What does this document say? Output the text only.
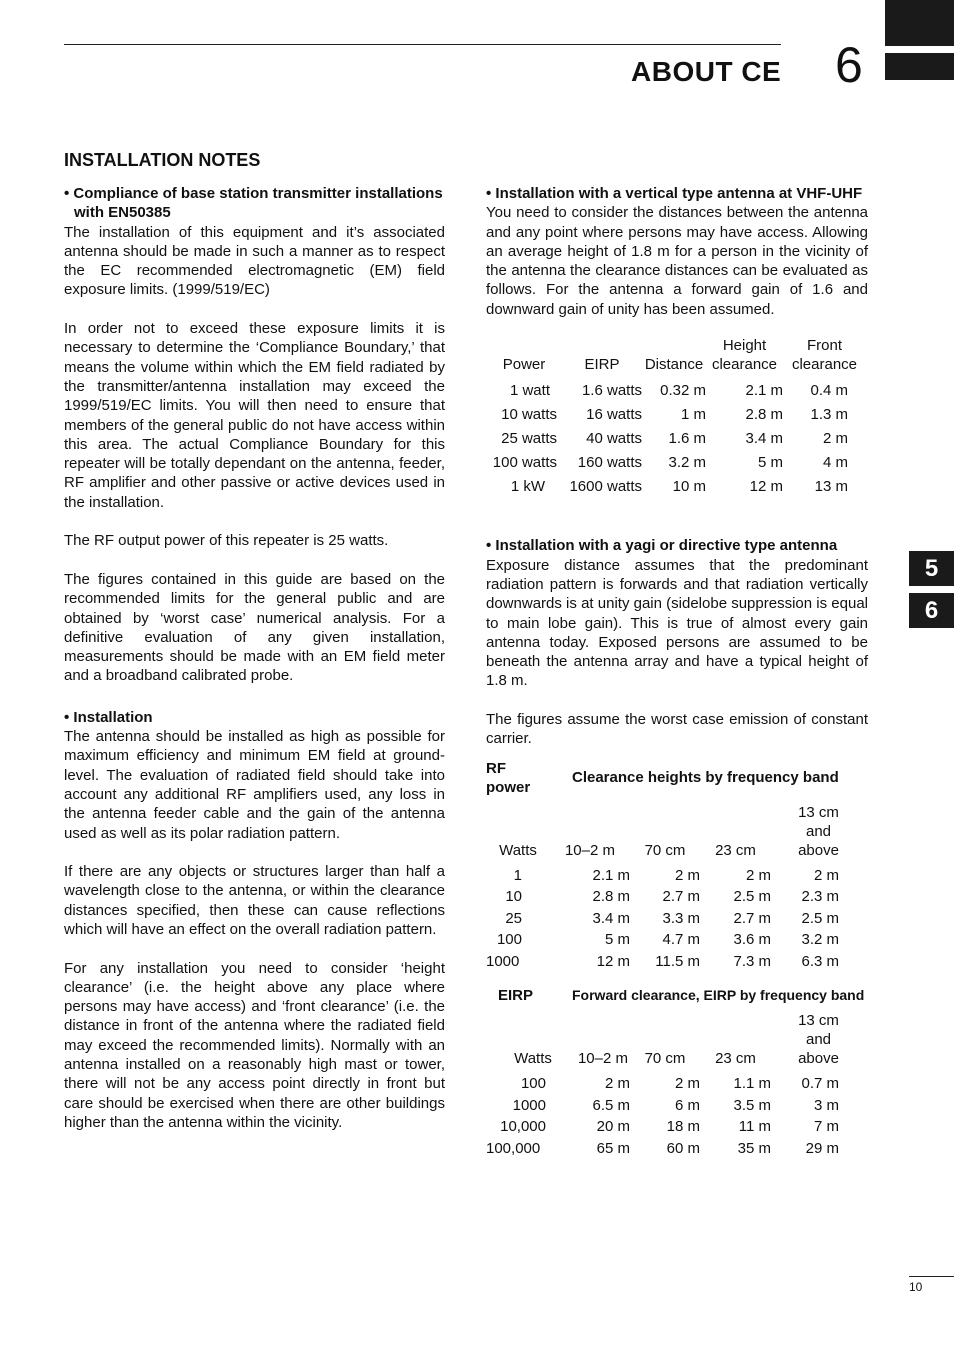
ABOUT CE 6
5
6
10
INSTALLATION NOTES
• Compliance of base station transmitter installations with EN50385

The installation of this equipment and it’s associated antenna should be made in such a manner as to respect the EC recommended electromagnetic (EM) field exposure limits. (1999/519/EC)

In order not to exceed these exposure limits it is necessary to determine the ‘Compliance Boundary,’ that means the volume within which the EM field radiated by the transmitter/antenna installation may exceed the 1999/519/EC limits. You will then need to ensure that members of the general public do not have access within this area. The actual Compliance Boundary for this repeater will be totally dependant on the antenna, feeder, RF amplifier and other passive or active devices used in the installation.

The RF output power of this repeater is 25 watts.

The figures contained in this guide are based on the recommended limits for the general public and are obtained by ‘worst case’ numerical analysis. For a definitive evaluation of any given installation, measurements should be made with an EM field meter and a broadband calibrated probe.

• Installation

The antenna should be installed as high as possible for maximum efficiency and minimum EM field at ground-level. The evaluation of radiated field should take into account any additional RF amplifiers used, any loss in the antenna feeder cable and the gain of the antenna used as well as its polar radiation pattern.

If there are any objects or structures larger than half a wavelength close to the antenna, or within the clearance distances specified, then these can cause reflections which will have an effect on the overall radiation pattern.

For any installation you need to consider ‘height clearance’ (i.e. the height above any place where persons may have access) and ‘front clearance’ (i.e. the distance in front of the antenna where the radiated field may exceed the recommended limits). Normally with an antenna installed on a reasonably high mast or tower, there will not be any access point directly in front but care should be exercised when there are other buildings higher than the antenna within the vicinity.

• Installation with a vertical type antenna at VHF-UHF

You need to consider the distances between the antenna and any point where persons may have access. Allowing an average height of 1.8 m for a person in the vicinity of the antenna the clearance distances can be evaluated as follows. For the antenna a forward gain of 1.6 and downward gain of unity has been assumed.

Power	EIRP	Distance	Height clearance	Front clearance
1 watt	1.6 watts	0.32 m	2.1 m	0.4 m
10 watts	16 watts	1 m	2.8 m	1.3 m
25 watts	40 watts	1.6 m	3.4 m	2 m
100 watts	160 watts	3.2 m	5 m	4 m
1 kW	1600 watts	10 m	12 m	13 m
• Installation with a yagi or directive type antenna

Exposure distance assumes that the predominant radiation pattern is forwards and that radiation vertically downwards is at unity gain (sidelobe suppression is equal to main lobe gain). This is true of almost every gain antenna today. Exposed persons are assumed to be beneath the antenna array and have a typical height of 1.8 m.

The figures assume the worst case emission of constant carrier.

RF power	Clearance heights by frequency band			
Watts	10–2 m	70 cm	23 cm	13 cm and above
1	2.1 m	2 m	2 m	2 m
10	2.8 m	2.7 m	2.5 m	2.3 m
25	3.4 m	3.3 m	2.7 m	2.5 m
100	5 m	4.7 m	3.6 m	3.2 m
1000	12 m	11.5 m	7.3 m	6.3 m
EIRP	Forward clearance, EIRP by frequency band			
Watts	10–2 m	70 cm	23 cm	13 cm and above
100	2 m	2 m	1.1 m	0.7 m
1000	6.5 m	6 m	3.5 m	3 m
10,000	20 m	18 m	11 m	7 m
100,000	65 m	60 m	35 m	29 m
